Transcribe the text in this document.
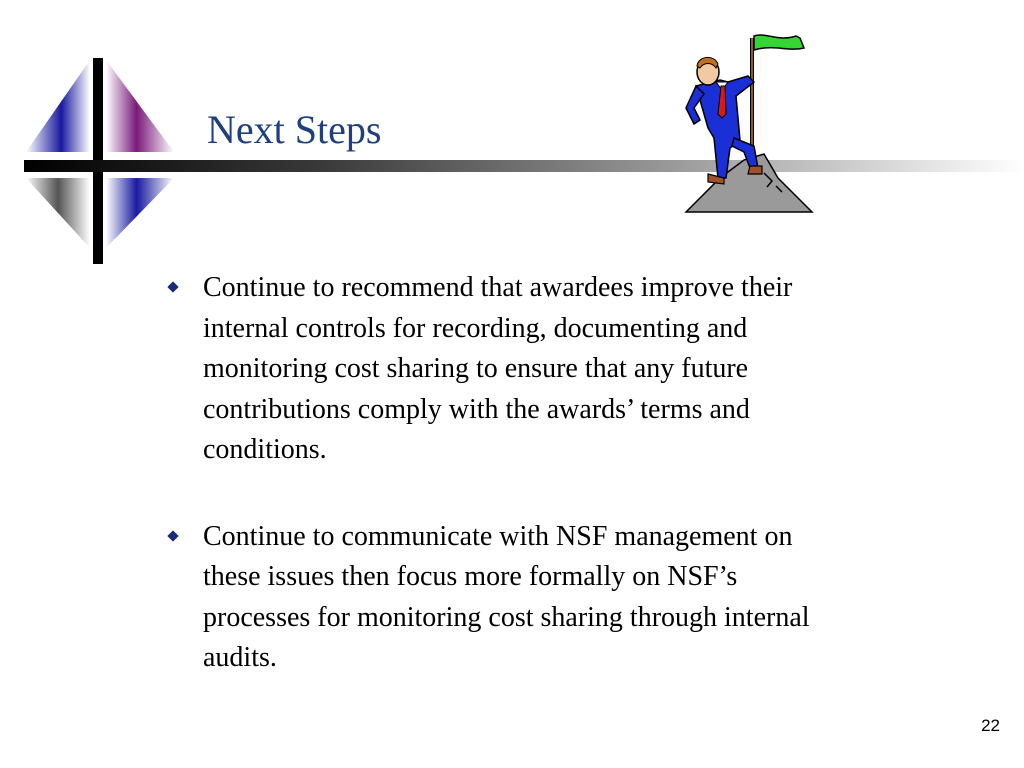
Next Steps
Continue to recommend that awardees improve their internal controls for recording, documenting and monitoring cost sharing to ensure that any future contributions comply with the awards’ terms and conditions.
Continue to communicate with NSF management on these issues then focus more formally on NSF’s processes for monitoring cost sharing through internal audits.
22
